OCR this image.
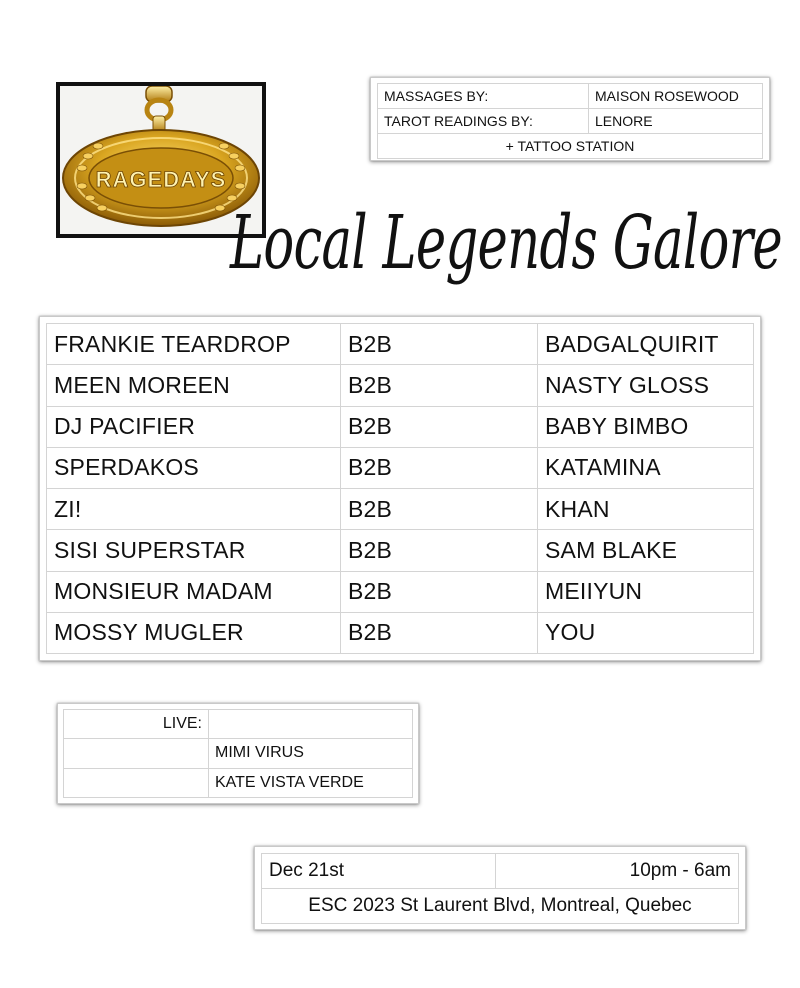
RAGEDAYS
MASSAGES BY:	MAISON ROSEWOOD
TAROT READINGS BY:	LENORE
+ TATTOO STATION	
Local Legends Galore
FRANKIE TEARDROP	B2B	BADGALQUIRIT
MEEN MOREEN	B2B	NASTY GLOSS
DJ PACIFIER	B2B	BABY BIMBO
SPERDAKOS	B2B	KATAMINA
ZI!	B2B	KHAN
SISI SUPERSTAR	B2B	SAM BLAKE
MONSIEUR MADAM	B2B	MEIIYUN
MOSSY MUGLER	B2B	YOU
LIVE:	
	MIMI VIRUS
	KATE VISTA VERDE
Dec 21st	10pm - 6am
ESC 2023 St Laurent Blvd, Montreal, Quebec
